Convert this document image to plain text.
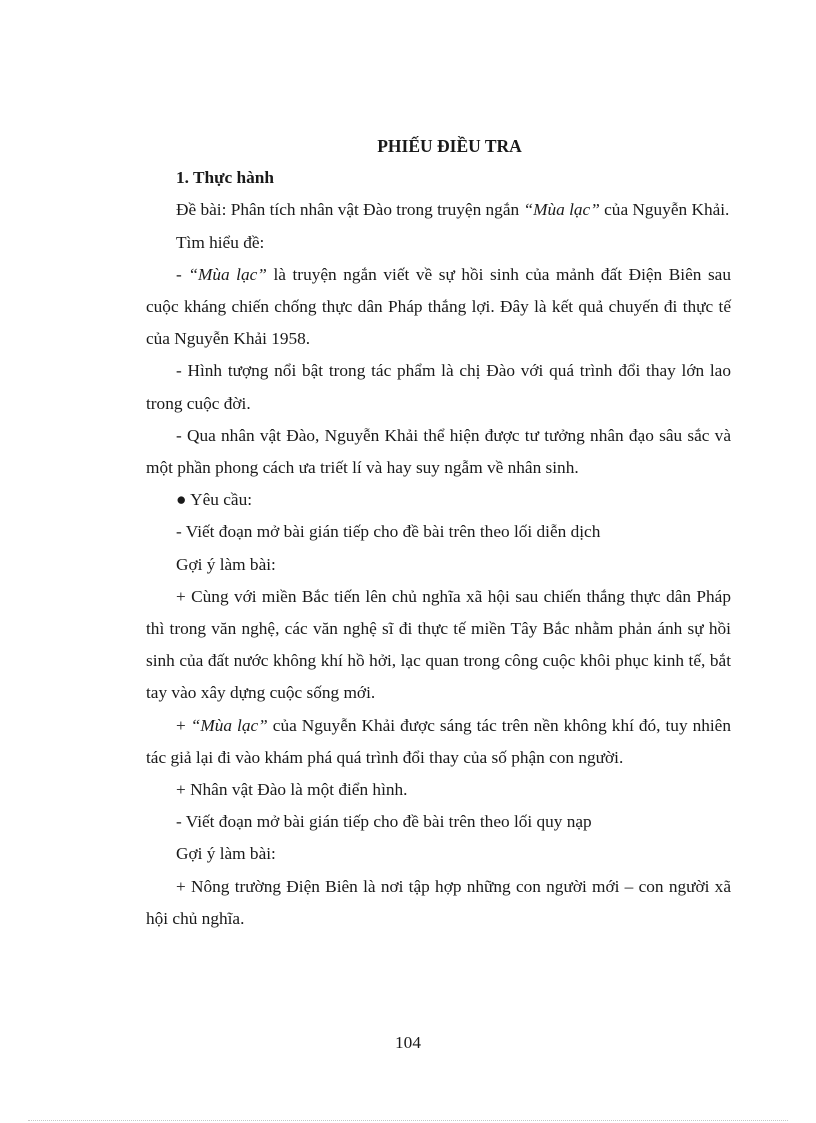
PHIẾU ĐIỀU TRA

1. Thực hành

Đề bài: Phân tích nhân vật Đào trong truyện ngắn “Mùa lạc” của Nguyễn Khải.

Tìm hiểu đề:

- “Mùa lạc” là truyện ngắn viết về sự hồi sinh của mảnh đất Điện Biên sau cuộc kháng chiến chống thực dân Pháp thắng lợi. Đây là kết quả chuyến đi thực tế của Nguyễn Khải 1958.

- Hình tượng nổi bật trong tác phẩm là chị Đào với quá trình đổi thay lớn lao trong cuộc đời.

- Qua nhân vật Đào, Nguyễn Khải thể hiện được tư tưởng nhân đạo sâu sắc và một phần phong cách ưa triết lí và hay suy ngẫm về nhân sinh.

● Yêu cầu:

- Viết đoạn mở bài gián tiếp cho đề bài trên theo lối diễn dịch

Gợi ý làm bài:

+ Cùng với miền Bắc tiến lên chủ nghĩa xã hội sau chiến thắng thực dân Pháp thì trong văn nghệ, các văn nghệ sĩ đi thực tế miền Tây Bắc nhằm phản ánh sự hồi sinh của đất nước không khí hồ hởi, lạc quan trong công cuộc khôi phục kinh tế, bắt tay vào xây dựng cuộc sống mới.

+ “Mùa lạc” của Nguyễn Khải được sáng tác trên nền không khí đó, tuy nhiên tác giả lại đi vào khám phá quá trình đổi thay của số phận con người.

+ Nhân vật Đào là một điển hình.

- Viết đoạn mở bài gián tiếp cho đề bài trên theo lối quy nạp

Gợi ý làm bài:

+ Nông trường Điện Biên là nơi tập hợp những con người mới – con người xã hội chủ nghĩa.

104
